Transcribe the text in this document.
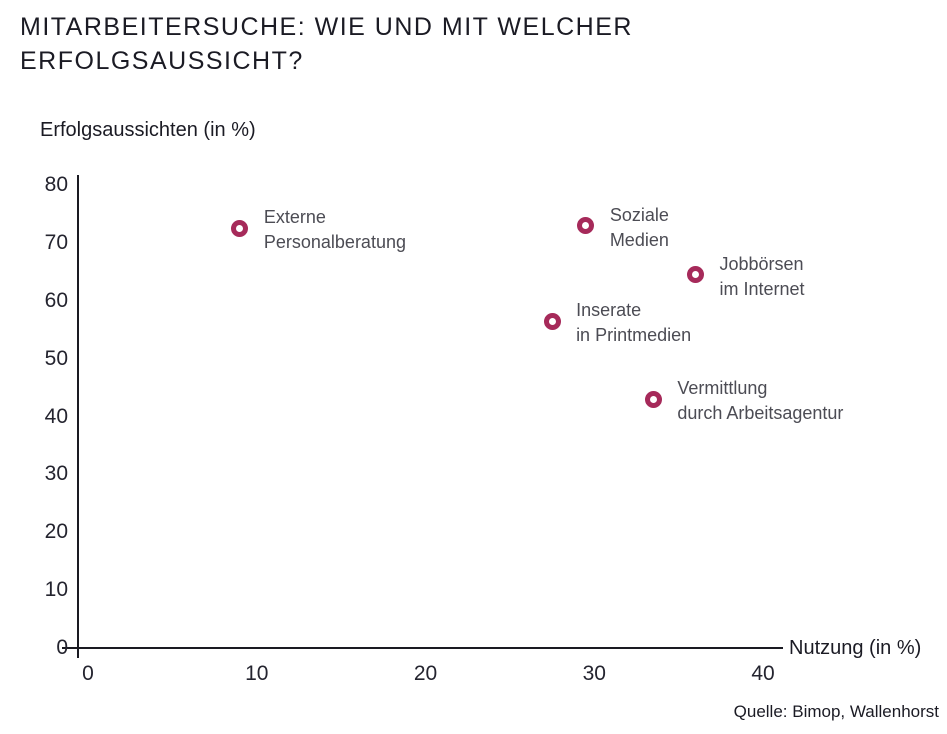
MITARBEITERSUCHE: WIE UND MIT WELCHER
ERFOLGSAUSSICHT?
Erfolgsaussichten (in %)
0
10
20
30
40
50
60
70
80
0	10	20	30	40
Externe
Personalberatung
Soziale
Medien
Jobbörsen
im Internet
Inserate
in Printmedien
Vermittlung
durch Arbeitsagentur
Nutzung (in %)
Quelle: Bimop, Wallenhorst
